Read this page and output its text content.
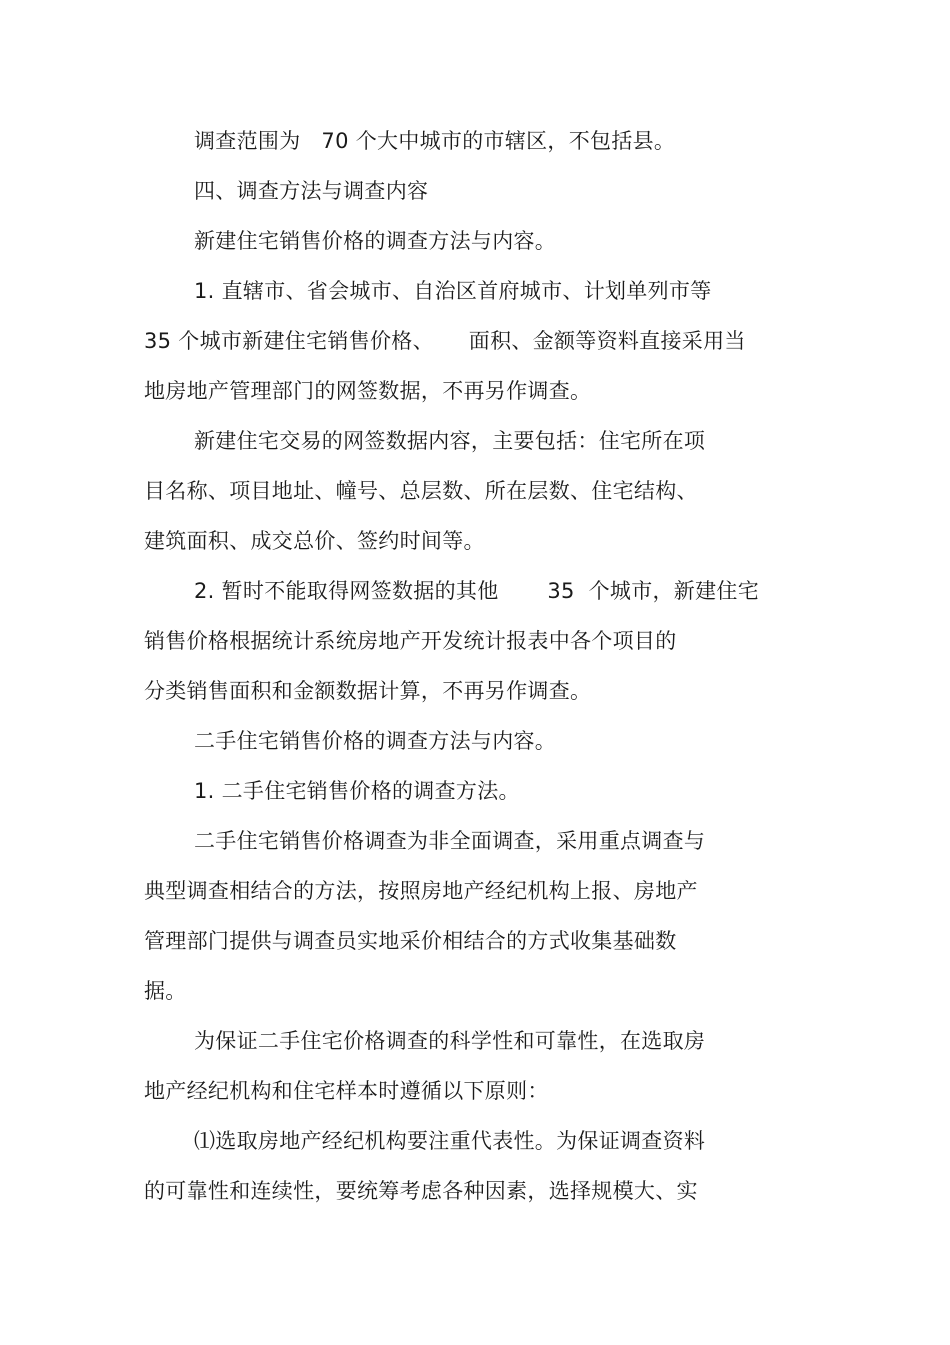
调查范围为   70 个大中城市的市辖区，不包括县。
四、调查方法与调查内容
新建住宅销售价格的调查方法与内容。
1. 直辖市、省会城市、自治区首府城市、计划单列市等
35 个城市新建住宅销售价格、     面积、金额等资料直接采用当
地房地产管理部门的网签数据，不再另作调查。
新建住宅交易的网签数据内容，主要包括：住宅所在项
目名称、项目地址、幢号、总层数、所在层数、住宅结构、
建筑面积、成交总价、签约时间等。
2. 暂时不能取得网签数据的其他       35  个城市，新建住宅
销售价格根据统计系统房地产开发统计报表中各个项目的
分类销售面积和金额数据计算，不再另作调查。
二手住宅销售价格的调查方法与内容。
1. 二手住宅销售价格的调查方法。
二手住宅销售价格调查为非全面调查，采用重点调查与
典型调查相结合的方法，按照房地产经纪机构上报、房地产
管理部门提供与调查员实地采价相结合的方式收集基础数
据。
为保证二手住宅价格调查的科学性和可靠性，在选取房
地产经纪机构和住宅样本时遵循以下原则：
⑴选取房地产经纪机构要注重代表性。为保证调查资料
的可靠性和连续性，要统筹考虑各种因素，选择规模大、实
